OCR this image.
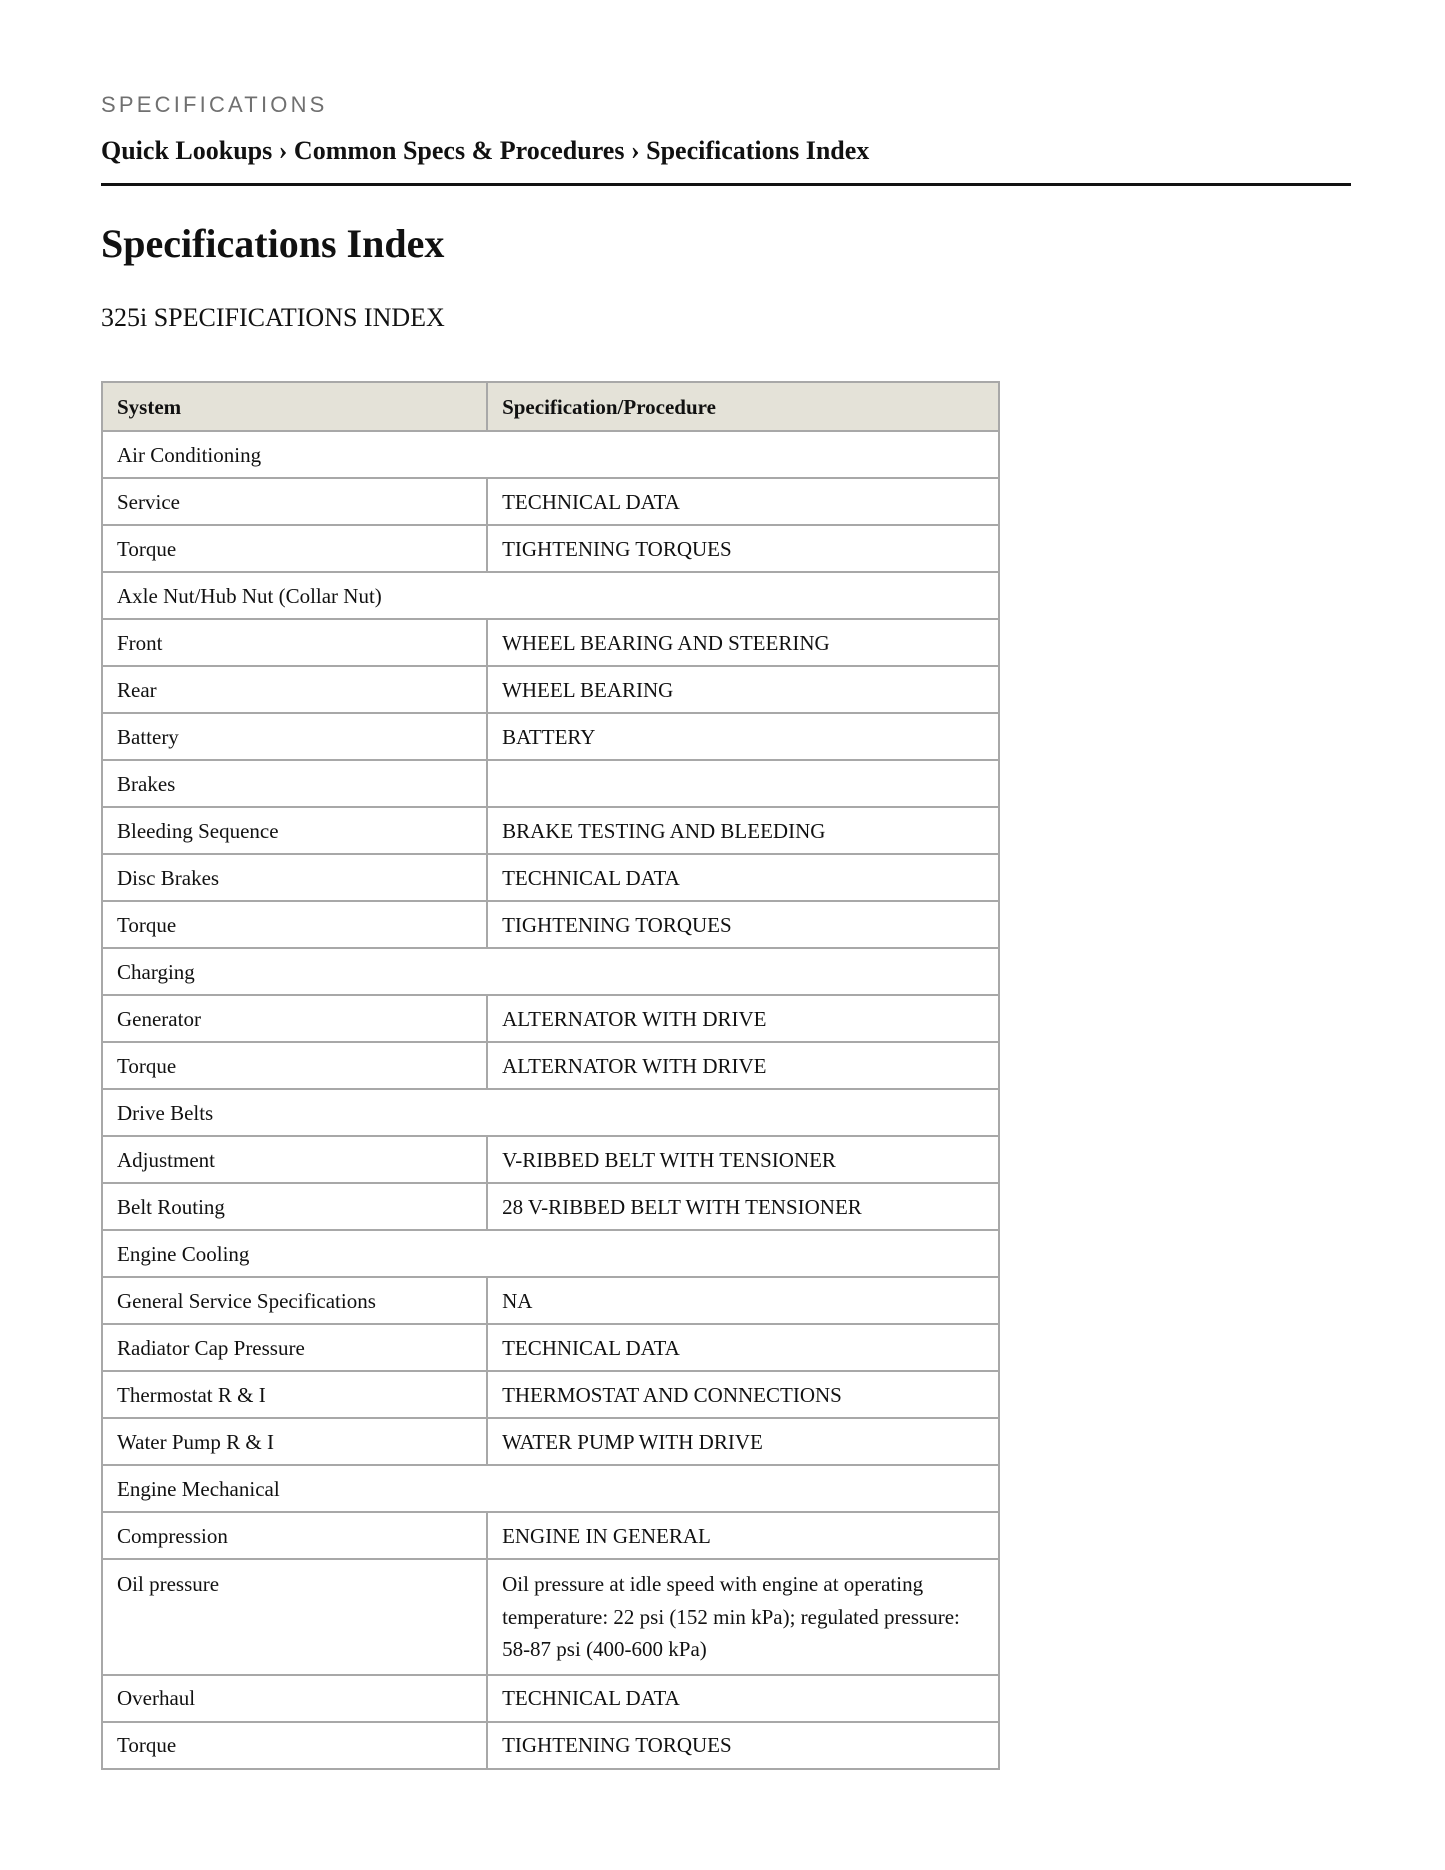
SPECIFICATIONS
Quick Lookups › Common Specs & Procedures › Specifications Index
Specifications Index
325i SPECIFICATIONS INDEX
System	Specification/Procedure
Air Conditioning	
Service	TECHNICAL DATA
Torque	TIGHTENING TORQUES
Axle Nut/Hub Nut (Collar Nut)	
Front	WHEEL BEARING AND STEERING
Rear	WHEEL BEARING
Battery	BATTERY
Brakes	
Bleeding Sequence	BRAKE TESTING AND BLEEDING
Disc Brakes	TECHNICAL DATA
Torque	TIGHTENING TORQUES
Charging	
Generator	ALTERNATOR WITH DRIVE
Torque	ALTERNATOR WITH DRIVE
Drive Belts	
Adjustment	V-RIBBED BELT WITH TENSIONER
Belt Routing	28 V-RIBBED BELT WITH TENSIONER
Engine Cooling	
General Service Specifications	NA
Radiator Cap Pressure	TECHNICAL DATA
Thermostat R & I	THERMOSTAT AND CONNECTIONS
Water Pump R & I	WATER PUMP WITH DRIVE
Engine Mechanical	
Compression	ENGINE IN GENERAL
Oil pressure	Oil pressure at idle speed with engine at operating temperature: 22 psi (152 min kPa); regulated pressure: 58-87 psi (400-600 kPa)
Overhaul	TECHNICAL DATA
Torque	TIGHTENING TORQUES
